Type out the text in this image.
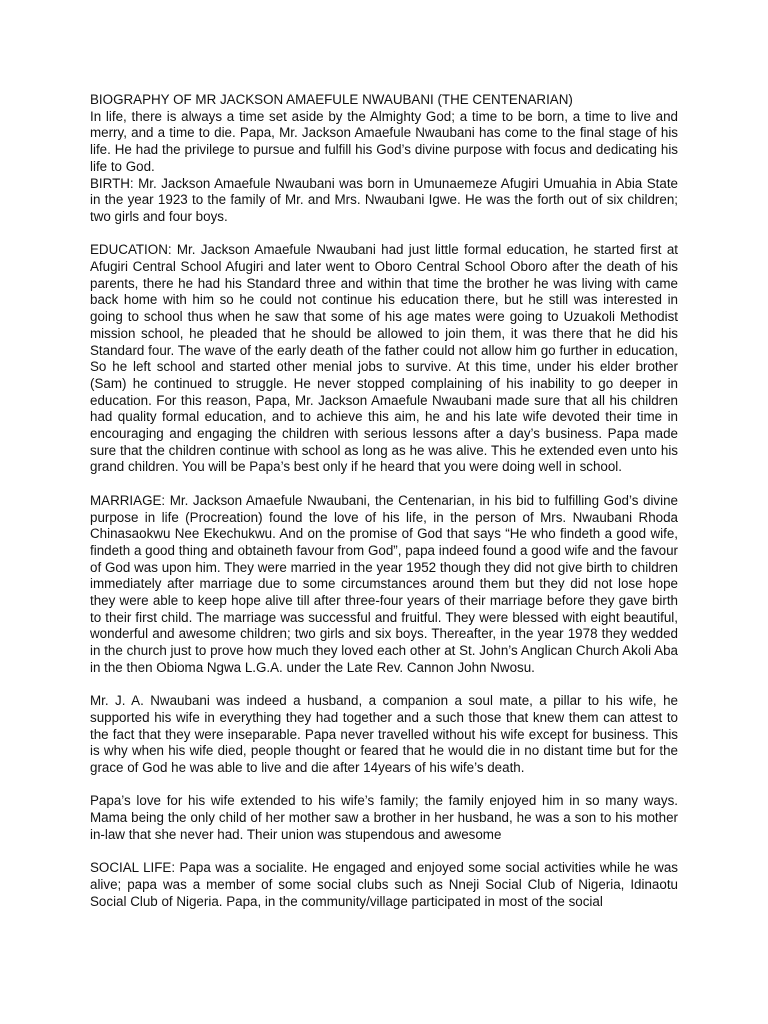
BIOGRAPHY OF MR JACKSON AMAEFULE NWAUBANI (THE CENTENARIAN)

In life, there is always a time set aside by the Almighty God; a time to be born, a time to live and merry, and a time to die. Papa, Mr. Jackson Amaefule Nwaubani has come to the final stage of his life. He had the privilege to pursue and fulfill his God’s divine purpose with focus and dedicating his life to God.

BIRTH: Mr. Jackson Amaefule Nwaubani was born in Umunaemeze Afugiri Umuahia in Abia State in the year 1923 to the family of Mr. and Mrs. Nwaubani Igwe. He was the forth out of six children; two girls and four boys.

EDUCATION: Mr. Jackson Amaefule Nwaubani had just little formal education, he started first at Afugiri Central School Afugiri and later went to Oboro Central School Oboro after the death of his parents, there he had his Standard three and within that time the brother he was living with came back home with him so he could not continue his education there, but he still was interested in going to school thus when he saw that some of his age mates were going to Uzuakoli Methodist mission school, he pleaded that he should be allowed to join them, it was there that he did his Standard four. The wave of the early death of the father could not allow him go further in education, So he left school and started other menial jobs to survive. At this time, under his elder brother (Sam) he continued to struggle. He never stopped complaining of his inability to go deeper in education. For this reason, Papa, Mr. Jackson Amaefule Nwaubani made sure that all his children had quality formal education, and to achieve this aim, he and his late wife devoted their time in encouraging and engaging the children with serious lessons after a day’s business. Papa made sure that the children continue with school as long as he was alive. This he extended even unto his grand children. You will be Papa’s best only if he heard that you were doing well in school.

MARRIAGE: Mr. Jackson Amaefule Nwaubani, the Centenarian, in his bid to fulfilling God’s divine purpose in life (Procreation) found the love of his life, in the person of Mrs. Nwaubani Rhoda Chinasaokwu Nee Ekechukwu. And on the promise of God that says “He who findeth a good wife, findeth a good thing and obtaineth favour from God”, papa indeed found a good wife and the favour of God was upon him. They were married in the year 1952 though they did not give birth to children immediately after marriage due to some circumstances around them but they did not lose hope they were able to keep hope alive till after three-four years of their marriage before they gave birth to their first child. The marriage was successful and fruitful. They were blessed with eight beautiful, wonderful and awesome children; two girls and six boys. Thereafter, in the year 1978 they wedded in the church just to prove how much they loved each other at St. John’s Anglican Church Akoli Aba in the then Obioma Ngwa L.G.A. under the Late Rev. Cannon John Nwosu.

Mr. J. A. Nwaubani was indeed a husband, a companion a soul mate, a pillar to his wife, he supported his wife in everything they had together and a such those that knew them can attest to the fact that they were inseparable. Papa never travelled without his wife except for business. This is why when his wife died, people thought or feared that he would die in no distant time but for the grace of God he was able to live and die after 14years of his wife’s death.

Papa’s love for his wife extended to his wife’s family; the family enjoyed him in so many ways. Mama being the only child of her mother saw a brother in her husband, he was a son to his mother in-law that she never had. Their union was stupendous and awesome

SOCIAL LIFE: Papa was a socialite. He engaged and enjoyed some social activities while he was alive; papa was a member of some social clubs such as Nneji Social Club of Nigeria, Idinaotu Social Club of Nigeria. Papa, in the community/village participated in most of the social
